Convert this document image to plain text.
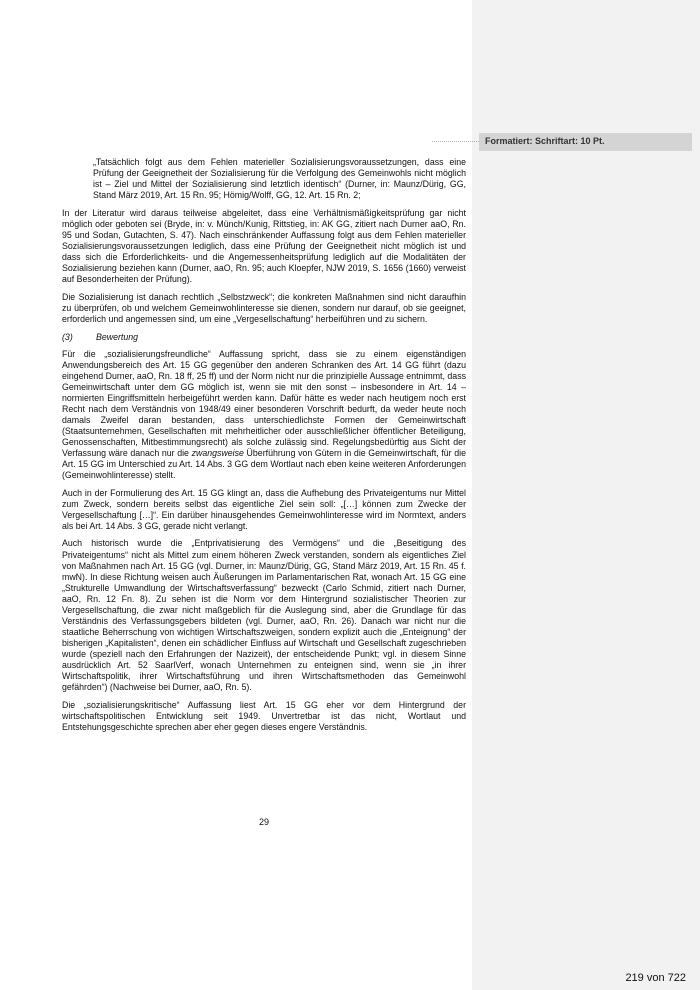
Formatiert: Schriftart: 10 Pt.

„Tatsächlich folgt aus dem Fehlen materieller Sozialisierungsvoraussetzungen, dass eine Prüfung der Geeignetheit der Sozialisierung für die Verfolgung des Gemeinwohls nicht möglich ist – Ziel und Mittel der Sozialisierung sind letztlich identisch“ (Durner, in: Maunz/Dürig, GG, Stand März 2019, Art. 15 Rn. 95; Hömig/Wolff, GG, 12. Art. 15 Rn. 2;

In der Literatur wird daraus teilweise abgeleitet, dass eine Verhältnismäßigkeitsprüfung gar nicht möglich oder geboten sei (Bryde, in: v. Münch/Kunig, Rittstieg, in: AK GG, zitiert nach Durner aaO, Rn. 95 und Sodan, Gutachten, S. 47). Nach einschränkender Auffassung folgt aus dem Fehlen materieller Sozialisierungsvoraussetzungen lediglich, dass eine Prüfung der Geeignetheit nicht möglich ist und dass sich die Erforderlichkeits- und die Angemessenheitsprüfung lediglich auf die Modalitäten der Sozialisierung beziehen kann (Durner, aaO, Rn. 95; auch Kloepfer, NJW 2019, S. 1656 (1660) verweist auf Besonderheiten der Prüfung).

Die Sozialisierung ist danach rechtlich „Selbstzweck“; die konkreten Maßnahmen sind nicht daraufhin zu überprüfen, ob und welchem Gemeinwohlinteresse sie dienen, sondern nur darauf, ob sie geeignet, erforderlich und angemessen sind, um eine „Vergesellschaftung“ herbeiführen und zu sichern.

(3)	Bewertung

Für die „sozialisierungsfreundliche“ Auffassung spricht, dass sie zu einem eigenständigen Anwendungsbereich des Art. 15 GG gegenüber den anderen Schranken des Art. 14 GG führt (dazu eingehend Durner, aaO, Rn. 18 ff, 25 ff) und der Norm nicht nur die prinzipielle Aussage entnimmt, dass Gemeinwirtschaft unter dem GG möglich ist, wenn sie mit den sonst – insbesondere in Art. 14 – normierten Eingriffsmitteln herbeigeführt werden kann. Dafür hätte es weder nach heutigem noch erst Recht nach dem Verständnis von 1948/49 einer besonderen Vorschrift bedurft, da weder heute noch damals Zweifel daran bestanden, dass unterschiedlichste Formen der Gemeinwirtschaft (Staatsunternehmen, Gesellschaften mit mehrheitlicher oder ausschließlicher öffentlicher Beteiligung, Genossenschaften, Mitbestimmungsrecht) als solche zulässig sind. Regelungsbedürftig aus Sicht der Verfassung wäre danach nur die zwangsweise Überführung von Gütern in die Gemeinwirtschaft, für die Art. 15 GG im Unterschied zu Art. 14 Abs. 3 GG dem Wortlaut nach eben keine weiteren Anforderungen (Gemeinwohlinteresse) stellt.

Auch in der Formulierung des Art. 15 GG klingt an, dass die Aufhebung des Privateigentums nur Mittel zum Zweck, sondern bereits selbst das eigentliche Ziel sein soll: „[…] können zum Zwecke der Vergesellschaftung […]“. Ein darüber hinausgehendes Gemeinwohlinteresse wird im Normtext, anders als bei Art. 14 Abs. 3 GG, gerade nicht verlangt.

Auch historisch wurde die „Entprivatisierung des Vermögens“ und die „Beseitigung des Privateigentums“ nicht als Mittel zum einem höheren Zweck verstanden, sondern als eigentliches Ziel von Maßnahmen nach Art. 15 GG (vgl. Durner, in: Maunz/Dürig, GG, Stand März 2019, Art. 15 Rn. 45 f. mwN). In diese Richtung weisen auch Äußerungen im Parlamentarischen Rat, wonach Art. 15 GG eine „Strukturelle Umwandlung der Wirtschaftsverfassung“ bezweckt (Carlo Schmid, zitiert nach Durner, aaO, Rn. 12 Fn. 8). Zu sehen ist die Norm vor dem Hintergrund sozialistischer Theorien zur Vergesellschaftung, die zwar nicht maßgeblich für die Auslegung sind, aber die Grundlage für das Verständnis des Verfassungsgebers bildeten (vgl. Durner, aaO, Rn. 26). Danach war nicht nur die staatliche Beherrschung von wichtigen Wirtschaftszweigen, sondern explizit auch die „Enteignung“ der bisherigen „Kapitalisten“, denen ein schädlicher Einfluss auf Wirtschaft und Gesellschaft zugeschrieben wurde (speziell nach den Erfahrungen der Nazizeit), der entscheidende Punkt; vgl. in diesem Sinne ausdrücklich Art. 52 SaarlVerf, wonach Unternehmen zu enteignen sind, wenn sie „in ihrer Wirtschaftspolitik, ihrer Wirtschaftsführung und ihren Wirtschaftsmethoden das Gemeinwohl gefährden“) (Nachweise bei Durner, aaO, Rn. 5).

Die „sozialisierungskritische“ Auffassung liest Art. 15 GG eher vor dem Hintergrund der wirtschaftspolitischen Entwicklung seit 1949. Unvertretbar ist das nicht, Wortlaut und Entstehungsgeschichte sprechen aber eher gegen dieses engere Verständnis.

29
219 von 722
